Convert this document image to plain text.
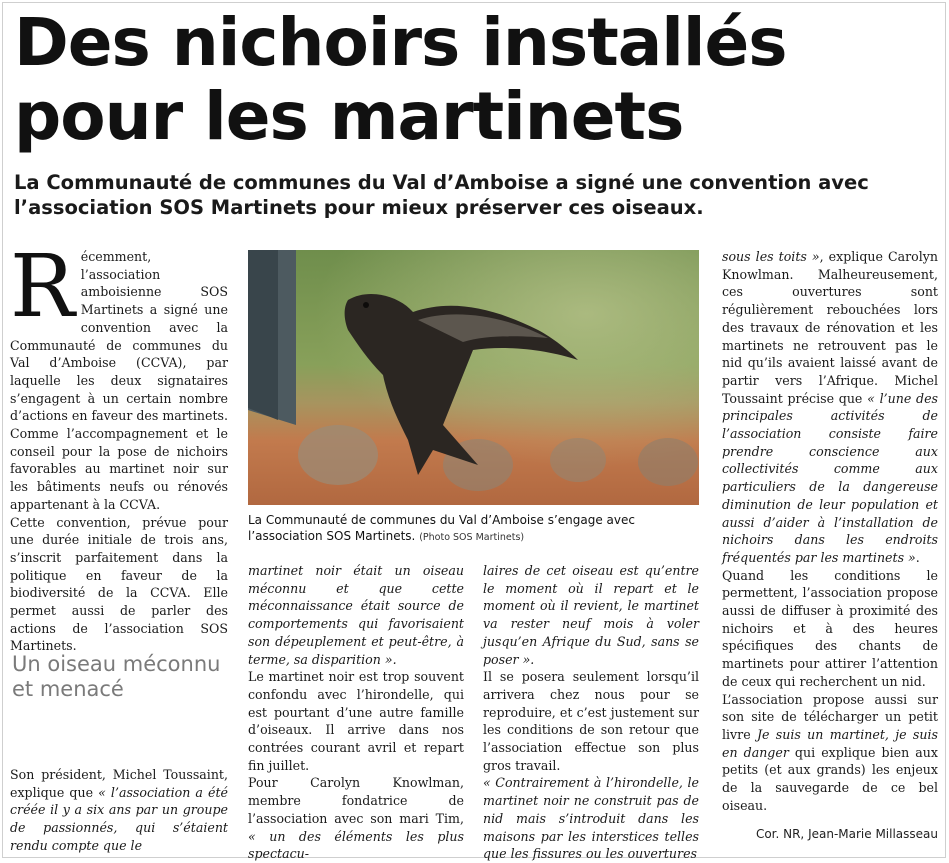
Des nichoirs installés
pour les martinets

La Communauté de communes du Val d’Amboise a signé une convention avec l’association SOS Martinets pour mieux préserver ces oiseaux.

Récemment, l’association amboisienne SOS Martinets a signé une convention avec la Communauté de communes du Val d’Amboise (CCVA), par laquelle les deux signataires s’engagent à un certain nombre d’actions en faveur des martinets. Comme l’accompagnement et le conseil pour la pose de nichoirs favorables au martinet noir sur les bâtiments neufs ou rénovés appartenant à la CCVA.

Cette convention, prévue pour une durée initiale de trois ans, s’inscrit parfaitement dans la politique en faveur de la biodiversité de la CCVA. Elle permet aussi de parler des actions de l’association SOS Martinets.

Un oiseau méconnu et menacé

Son président, Michel Toussaint, explique que « l’association a été créée il y a six ans par un groupe de passionnés, qui s’étaient rendu compte que le

La Communauté de communes du Val d’Amboise s’engage avec l’association SOS Martinets. (Photo SOS Martinets)

martinet noir était un oiseau méconnu et que cette méconnaissance était source de comportements qui favorisaient son dépeuplement et peut-être, à terme, sa disparition ».

Le martinet noir est trop souvent confondu avec l’hirondelle, qui est pourtant d’une autre famille d’oiseaux. Il arrive dans nos contrées courant avril et repart fin juillet.

Pour Carolyn Knowlman, membre fondatrice de l’association avec son mari Tim, « un des éléments les plus spectacu-

laires de cet oiseau est qu’entre le moment où il repart et le moment où il revient, le martinet va rester neuf mois à voler jusqu’en Afrique du Sud, sans se poser ».

Il se posera seulement lorsqu’il arrivera chez nous pour se reproduire, et c’est justement sur les conditions de son retour que l’association effectue son plus gros travail.

« Contrairement à l’hirondelle, le martinet noir ne construit pas de nid mais s’introduit dans les maisons par les interstices telles que les fissures ou les ouvertures

sous les toits », explique Carolyn Knowlman. Malheureusement, ces ouvertures sont régulièrement rebouchées lors des travaux de rénovation et les martinets ne retrouvent pas le nid qu’ils avaient laissé avant de partir vers l’Afrique. Michel Toussaint précise que « l’une des principales activités de l’association consiste faire prendre conscience aux collectivités comme aux particuliers de la dangereuse diminution de leur population et aussi d’aider à l’installation de nichoirs dans les endroits fréquentés par les martinets ».

Quand les conditions le permettent, l’association propose aussi de diffuser à proximité des nichoirs et à des heures spécifiques des chants de martinets pour attirer l’attention de ceux qui recherchent un nid.

L’association propose aussi sur son site de télécharger un petit livre Je suis un martinet, je suis en danger qui explique bien aux petits (et aux grands) les enjeux de la sauvegarde de ce bel oiseau.

Cor. NR, Jean-Marie Millasseau
